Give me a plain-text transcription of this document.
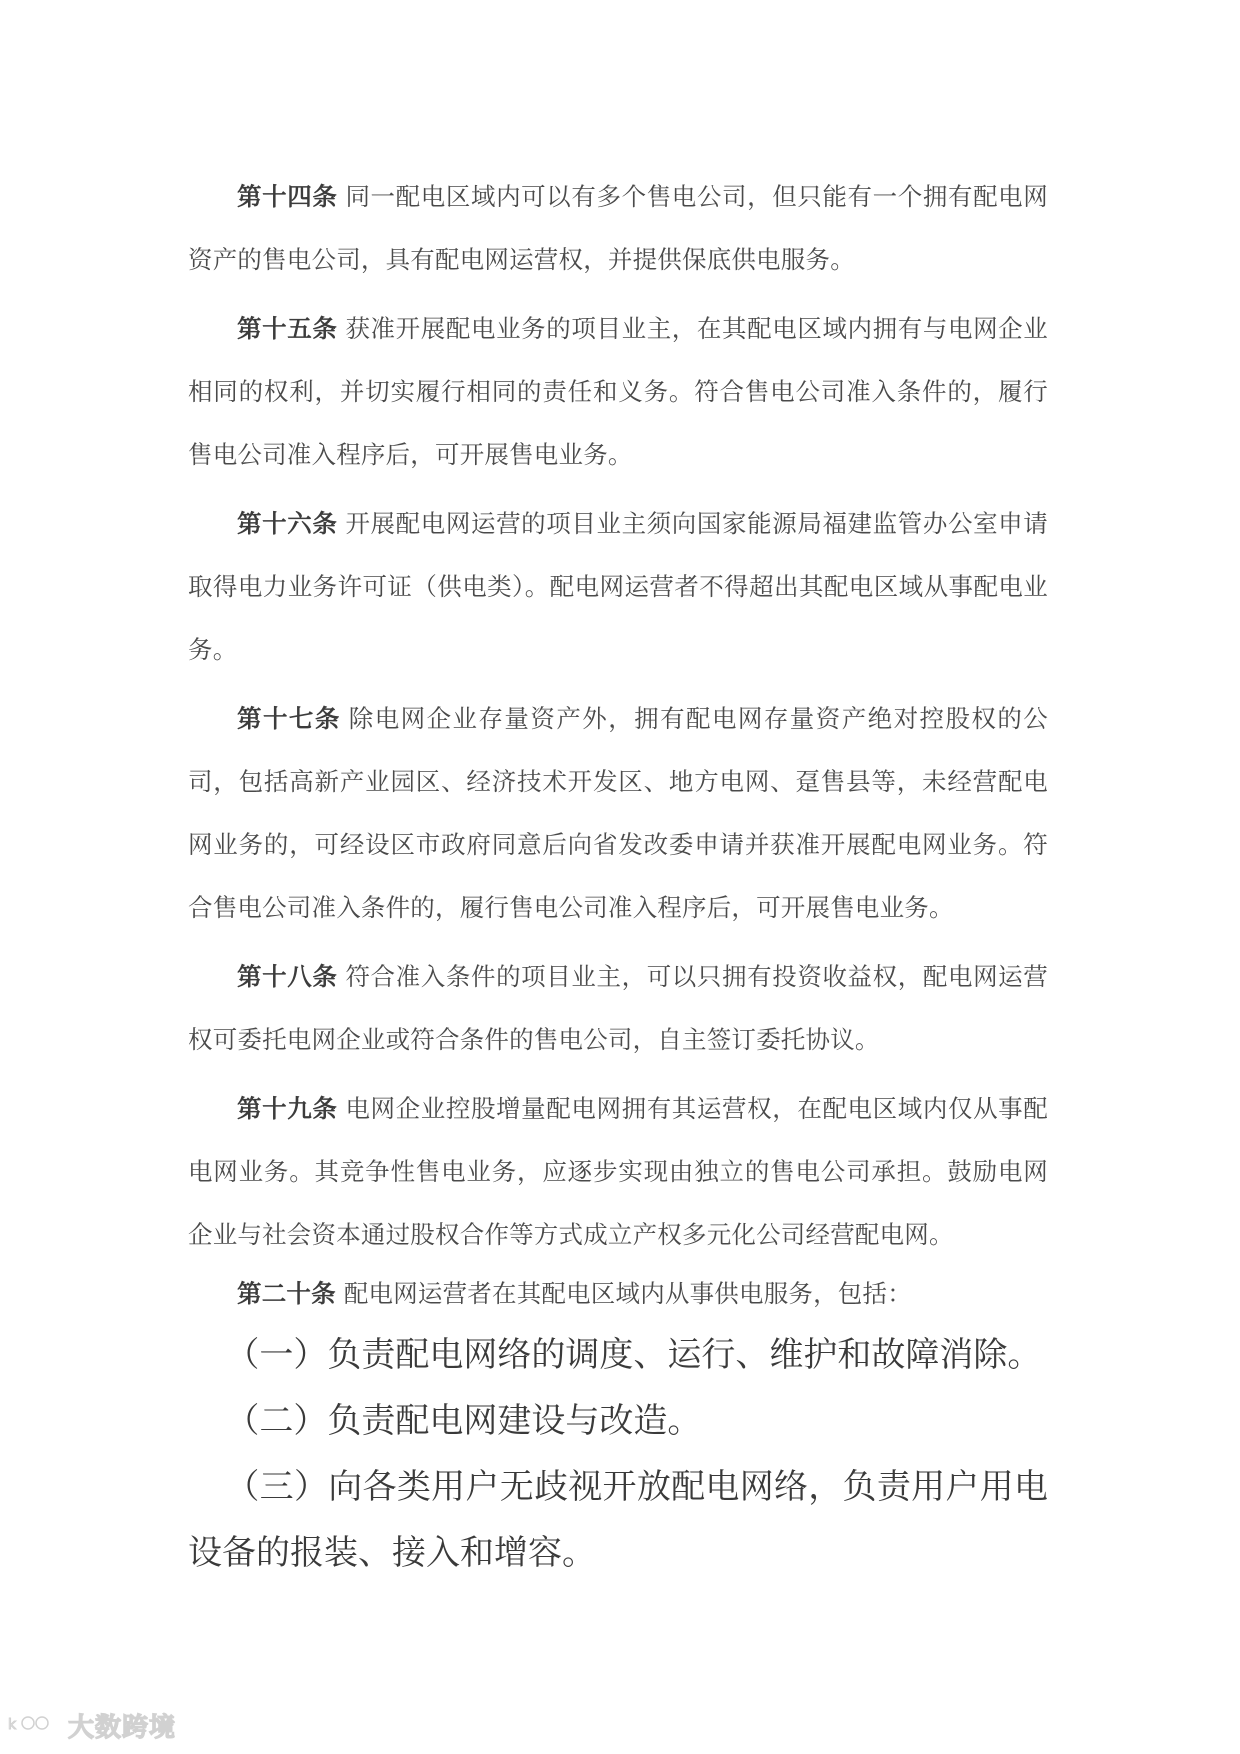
第十四条 同一配电区域内可以有多个售电公司，但只能有一个拥有配电网资产的售电公司，具有配电网运营权，并提供保底供电服务。

第十五条 获准开展配电业务的项目业主，在其配电区域内拥有与电网企业相同的权利，并切实履行相同的责任和义务。符合售电公司准入条件的，履行售电公司准入程序后，可开展售电业务。

第十六条 开展配电网运营的项目业主须向国家能源局福建监管办公室申请取得电力业务许可证（供电类）。配电网运营者不得超出其配电区域从事配电业务。

第十七条 除电网企业存量资产外，拥有配电网存量资产绝对控股权的公司，包括高新产业园区、经济技术开发区、地方电网、趸售县等，未经营配电网业务的，可经设区市政府同意后向省发改委申请并获准开展配电网业务。符合售电公司准入条件的，履行售电公司准入程序后，可开展售电业务。

第十八条 符合准入条件的项目业主，可以只拥有投资收益权，配电网运营权可委托电网企业或符合条件的售电公司，自主签订委托协议。

第十九条 电网企业控股增量配电网拥有其运营权，在配电区域内仅从事配电网业务。其竞争性售电业务，应逐步实现由独立的售电公司承担。鼓励电网企业与社会资本通过股权合作等方式成立产权多元化公司经营配电网。

第二十条 配电网运营者在其配电区域内从事供电服务，包括：

（一）负责配电网络的调度、运行、维护和故障消除。

（二）负责配电网建设与改造。

（三）向各类用户无歧视开放配电网络，负责用户用电设备的报装、接入和增容。

k 大数跨境
